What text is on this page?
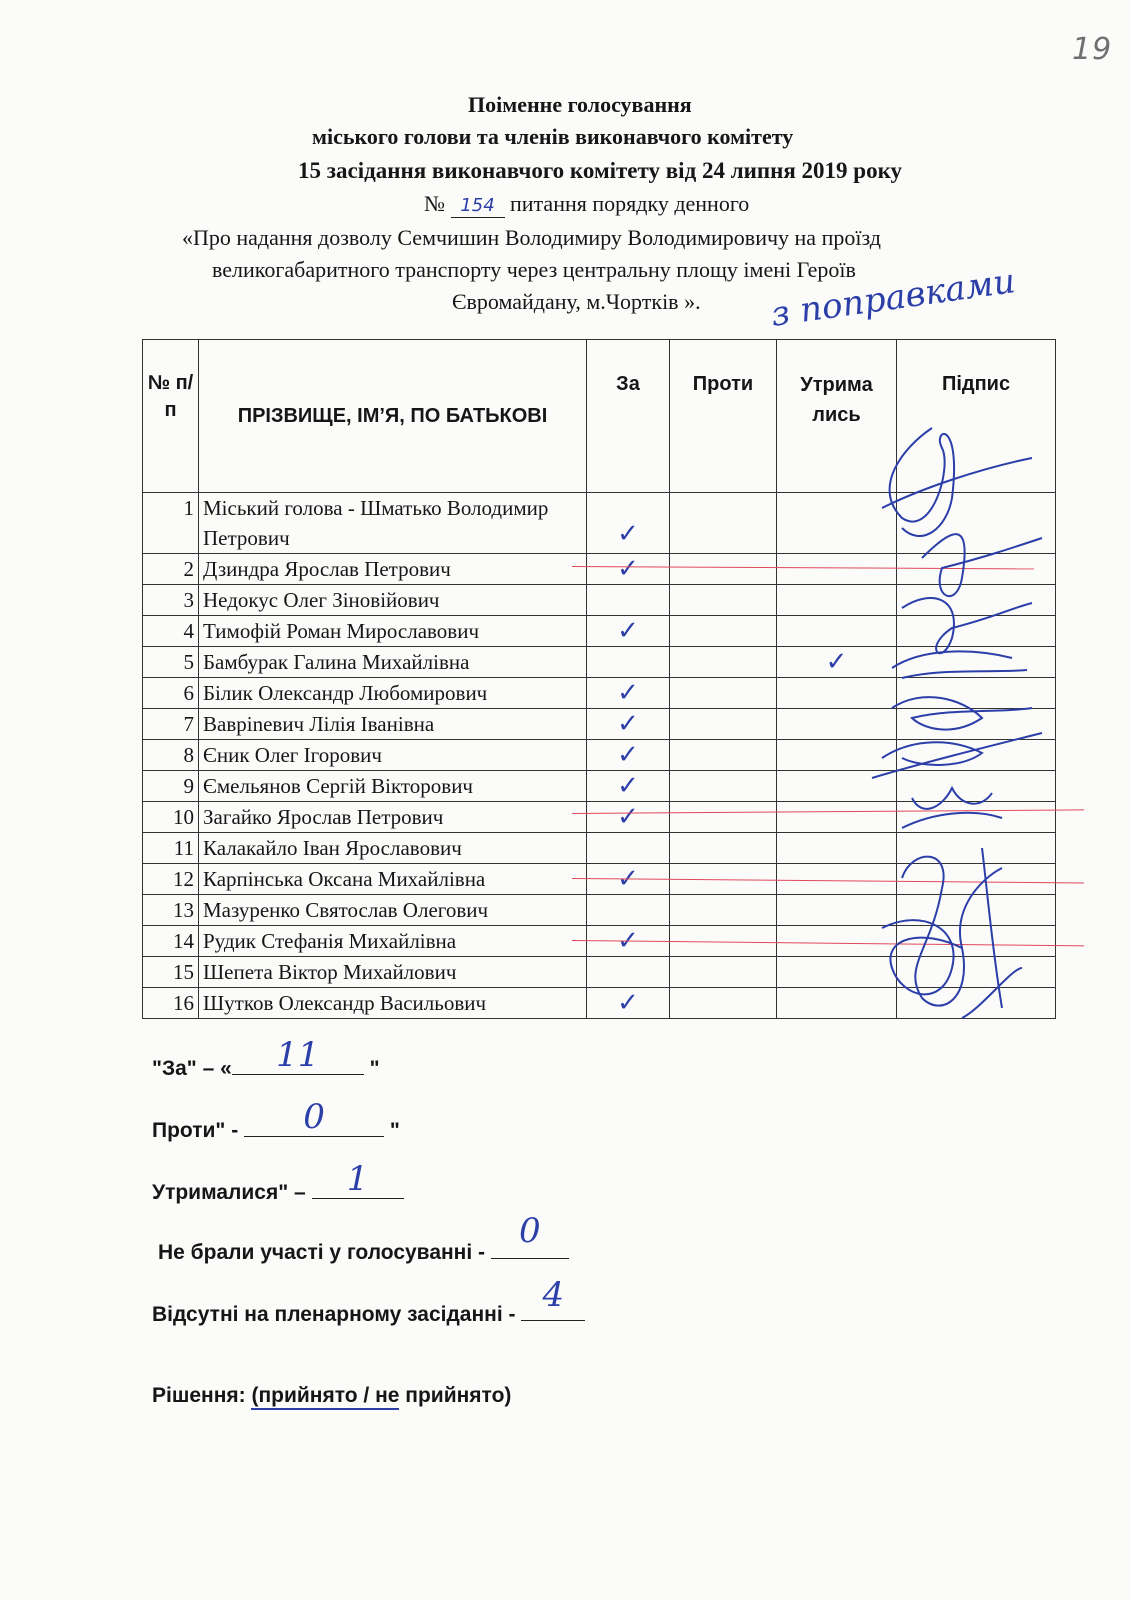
19
Поіменне голосування
міського голови та членів виконавчого комітету
15 засідання виконавчого комітету від 24 липня 2019 року
№ 154 питання порядку денного
«Про надання дозволу Семчишин Володимиру Володимировичу на проїзд
великогабаритного транспорту через центральну площу імені Героїв
Євромайдану, м.Чортків ». з поправками
№ п/ п	ПРІЗВИЩЕ, ІМ’Я, ПО БАТЬКОВІ	За	Проти	Утрима лись	Підпис
1	Міський голова - Шматько Володимир Петрович	✓			

2	Дзиндра Ярослав Петрович	✓			

3	Недокус Олег Зіновійович				
4	Тимофій Роман Мирославович	✓			

5	Бамбурак Галина Михайлівна			✓	

6	Білик Олександр Любомирович	✓			

7	Ваврineвич Лілія Іванівна	✓			

8	Єник Олег Ігорович	✓			

9	Ємельянов Сергій Вікторович	✓			

10	Загайко Ярослав Петрович	✓			

11	Калакайло Іван Ярославович				
12	Карпінська Оксана Михайлівна	✓			

13	Мазуренко Святослав Олегович				
14	Рудик Стефанія Михайлівна	✓			

15	Шепета Віктор Михайлович				
16	Шутков Олександр Васильович	✓			

"За" – «	11	"
Проти" -	0	"
Утрималися" –	1
Не брали участі у голосуванні -
0
Відсутні на пленарному засіданні - 4
Рішення: (прийнято / не прийнято)
